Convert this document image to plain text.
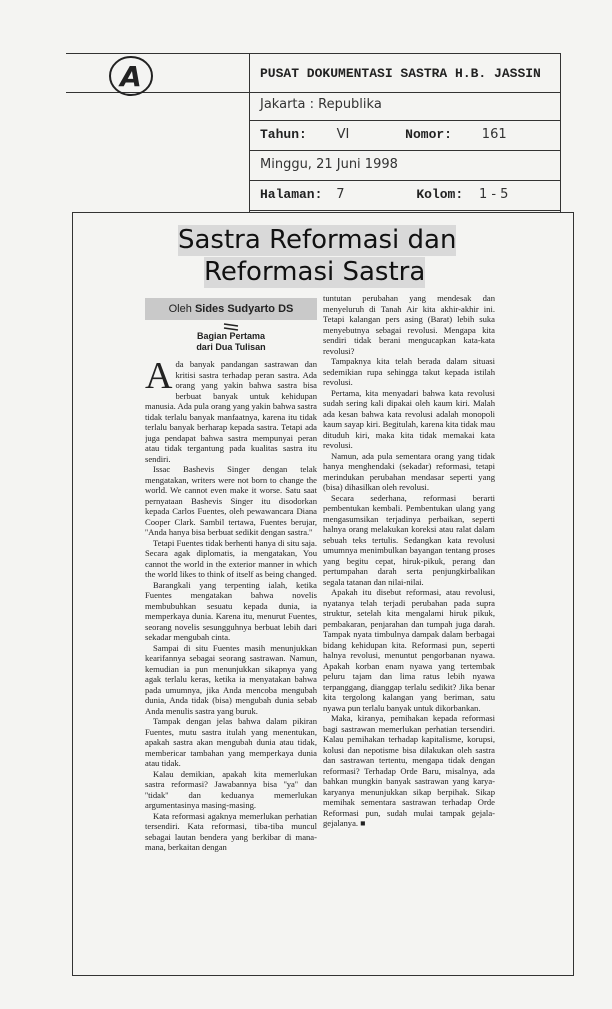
A	PUSAT DOKUMENTASI SASTRA H.B. JASSIN
Jakarta : Republika
Tahun: VI	Nomor: 161
Minggu, 21 Juni 1998
Halaman: 7	Kolom: 1 - 5
Sastra Reformasi dan
Reformasi Sastra
Oleh Sides Sudyarto DS
Bagian Pertama
dari Dua Tulisan

Ada banyak pandangan sastrawan dan kritisi sastra terhadap peran sastra. Ada orang yang yakin bahwa sastra bisa berbuat banyak untuk kehidupan manusia. Ada pula orang yang yakin bahwa sastra tidak terlalu banyak manfaatnya, karena itu tidak terlalu banyak berharap kepada sastra. Tetapi ada juga pendapat bahwa sastra mempunyai peran atau tidak tergantung pada kualitas sastra itu sendiri.

Issac Bashevis Singer dengan telak mengatakan, writers were not born to change the world. We cannot even make it worse. Satu saat pernyataan Bashevis Singer itu disodorkan kepada Carlos Fuentes, oleh pewawancara Diana Cooper Clark. Sambil tertawa, Fuentes berujar, ''Anda hanya bisa berbuat sedikit dengan sastra.''

Tetapi Fuentes tidak berhenti hanya di situ saja. Secara agak diplomatis, ia mengatakan, You cannot the world in the exterior manner in which the world likes to think of itself as being changed.

Barangkali yang terpenting ialah, ketika Fuentes mengatakan bahwa novelis membubuhkan sesuatu kepada dunia, ia memperkaya dunia. Karena itu, menurut Fuentes, seorang novelis sesungguhnya berbuat lebih dari sekadar mengubah cinta.

Sampai di situ Fuentes masih menunjukkan kearifannya sebagai seorang sastrawan. Namun, kemudian ia pun menunjukkan sikapnya yang agak terlalu keras, ketika ia menyatakan bahwa pada umumnya, jika Anda mencoba mengubah dunia, Anda tidak (bisa) mengubah dunia sebab Anda menulis sastra yang buruk.

Tampak dengan jelas bahwa dalam pikiran Fuentes, mutu sastra itulah yang menentukan, apakah sastra akan mengubah dunia atau tidak, membericar tambahan yang memperkaya dunia atau tidak.

Kalau demikian, apakah kita memerlukan sastra reformasi? Jawabannya bisa ''ya'' dan ''tidak'' dan keduanya memerlukan argumentasinya masing-masing.

Kata reformasi agaknya memerlukan perhatian tersendiri. Kata reformasi, tiba-tiba muncul sebagai lautan bendera yang berkibar di mana-mana, berkaitan dengan

tuntutan perubahan yang mendesak dan menyeluruh di Tanah Air kita akhir-akhir ini. Tetapi kalangan pers asing (Barat) lebih suka menyebutnya sebagai revolusi. Mengapa kita sendiri tidak berani mengucapkan kata-kata revolusi?

Tampaknya kita telah berada dalam situasi sedemikian rupa sehingga takut kepada istilah revolusi.

Pertama, kita menyadari bahwa kata revolusi sudah sering kali dipakai oleh kaum kiri. Malah ada kesan bahwa kata revolusi adalah monopoli kaum sayap kiri. Begitulah, karena kita tidak mau dituduh kiri, maka kita tidak memakai kata revolusi.

Namun, ada pula sementara orang yang tidak hanya menghendaki (sekadar) reformasi, tetapi merindukan perubahan mendasar seperti yang (bisa) dihasilkan oleh revolusi.

Secara sederhana, reformasi berarti pembentukan kembali. Pembentukan ulang yang mengasumsikan terjadinya perbaikan, seperti halnya orang melakukan koreksi atau ralat dalam sebuah teks tertulis. Sedangkan kata revolusi umumnya menimbulkan bayangan tentang proses yang begitu cepat, hiruk-pikuk, perang dan pertumpahan darah serta penjungkirbalikan segala tatanan dan nilai-nilai.

Apakah itu disebut reformasi, atau revolusi, nyatanya telah terjadi perubahan pada supra struktur, setelah kita mengalami hiruk pikuk, pembakaran, penjarahan dan tumpah juga darah. Tampak nyata timbulnya dampak dalam berbagai bidang kehidupan kita. Reformasi pun, seperti halnya revolusi, menuntut pengorbanan nyawa. Apakah korban enam nyawa yang tertembak peluru tajam dan lima ratus lebih nyawa terpanggang, dianggap terlalu sedikit? Jika benar kita tergolong kalangan yang beriman, satu nyawa pun terlalu banyak untuk dikorbankan.

Maka, kiranya, pemihakan kepada reformasi bagi sastrawan memerlukan perhatian tersendiri. Kalau pemihakan terhadap kapitalisme, korupsi, kolusi dan nepotisme bisa dilakukan oleh sastra dan sastrawan tertentu, mengapa tidak dengan reformasi? Terhadap Orde Baru, misalnya, ada bahkan mungkin banyak sastrawan yang karya-karyanya menunjukkan sikap berpihak. Sikap memihak sementara sastrawan terhadap Orde Reformasi pun, sudah mulai tampak gejala-gejalanya. ■
